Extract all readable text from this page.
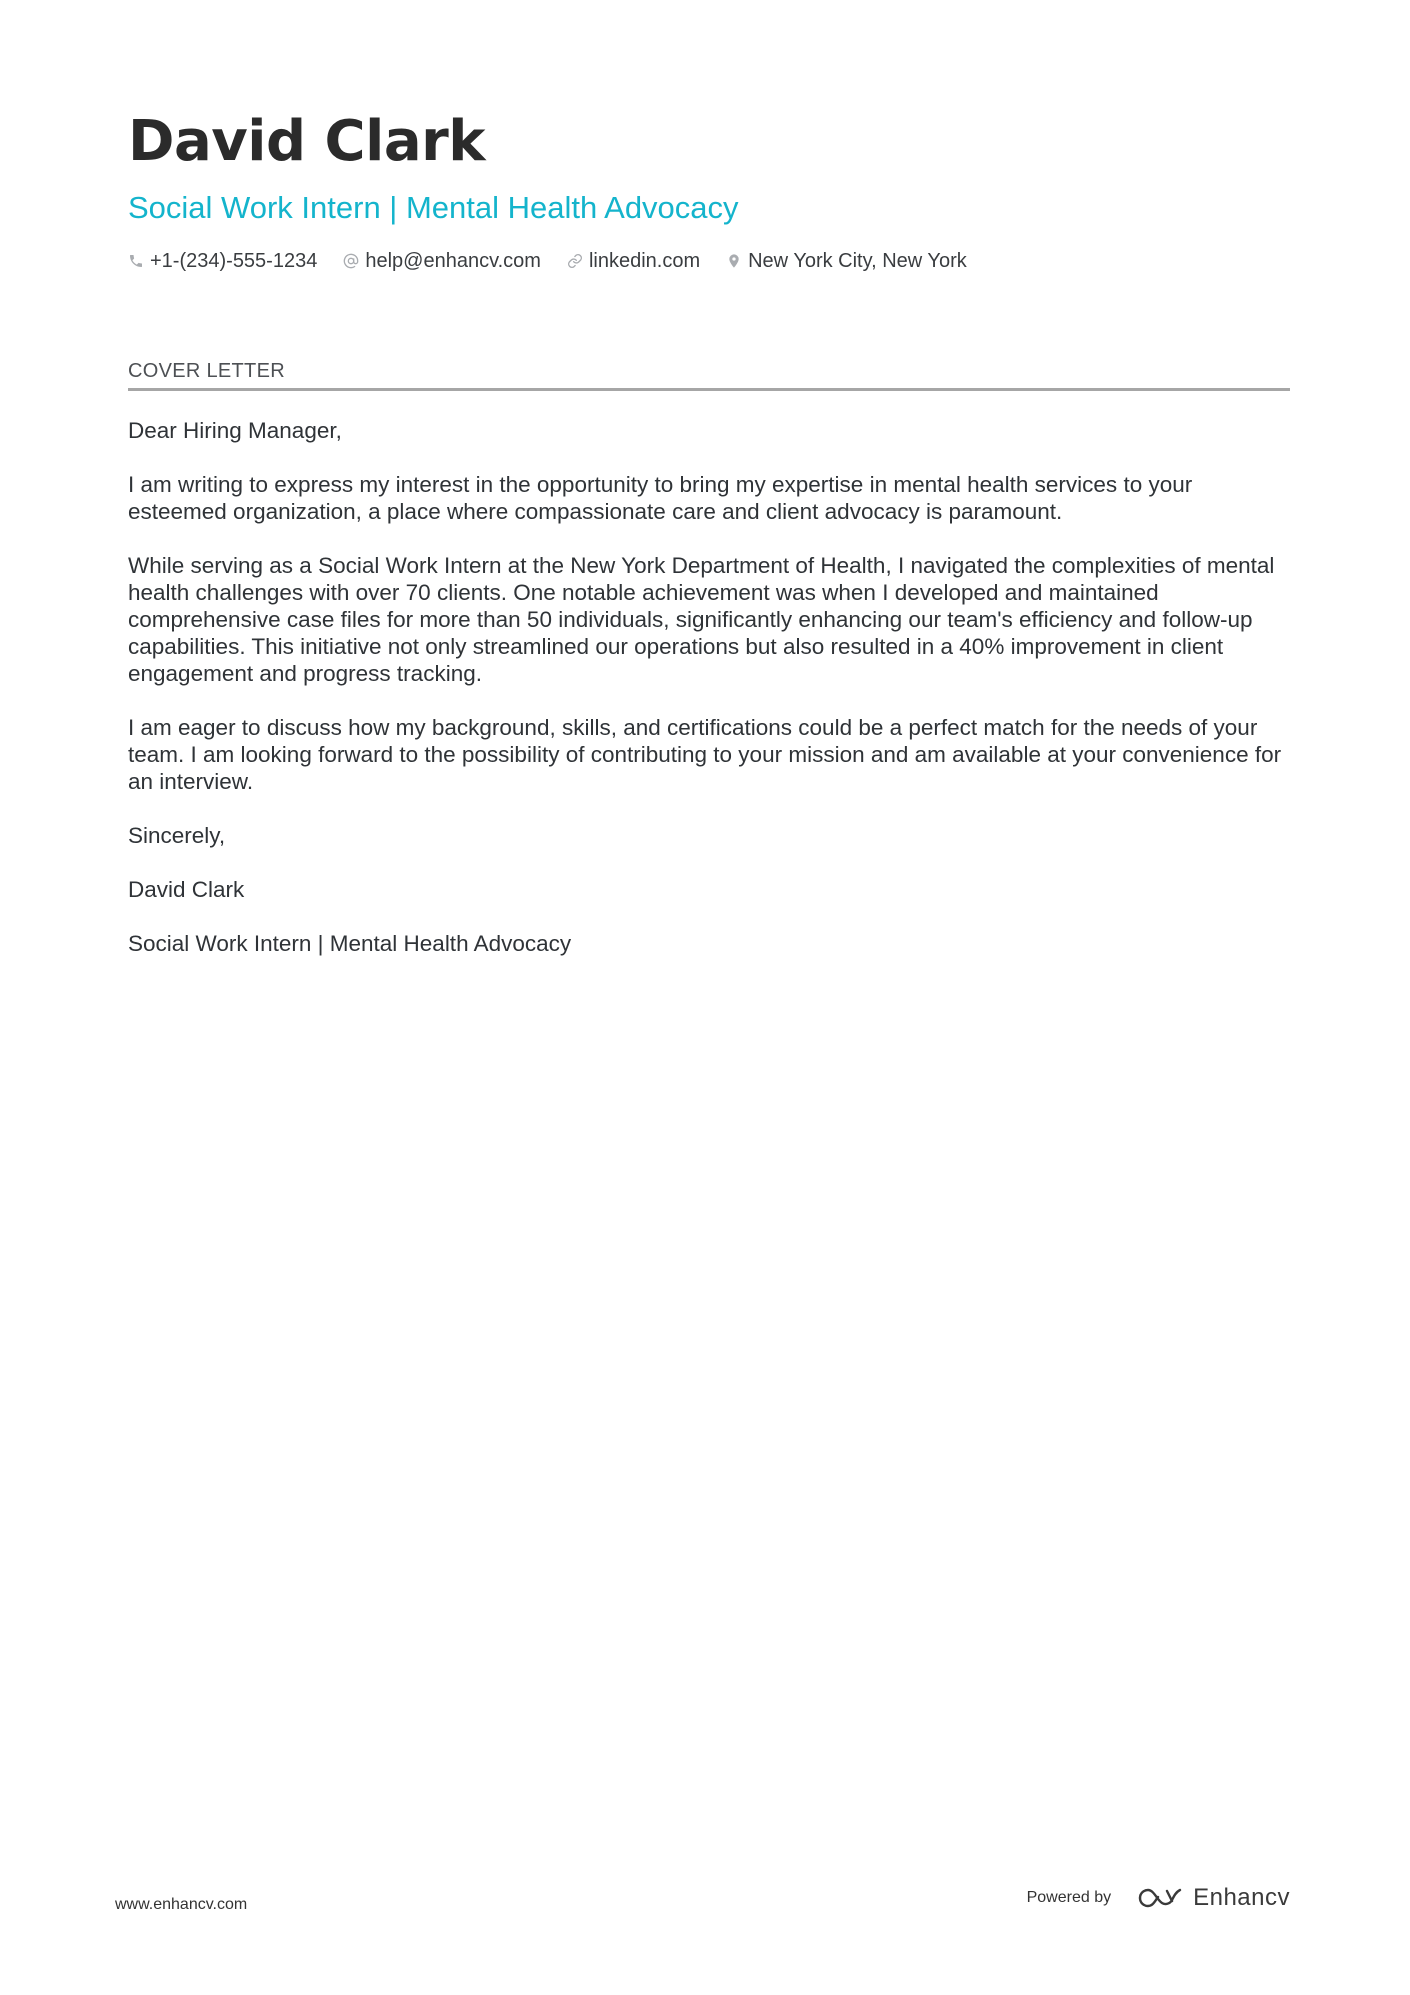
David Clark
Social Work Intern | Mental Health Advocacy
+1-(234)-555-1234 help@enhancv.com linkedin.com New York City, New York
COVER LETTER

Dear Hiring Manager,

I am writing to express my interest in the opportunity to bring my expertise in mental health services to your esteemed organization, a place where compassionate care and client advocacy is paramount.

While serving as a Social Work Intern at the New York Department of Health, I navigated the complexities of mental health challenges with over 70 clients. One notable achievement was when I developed and maintained comprehensive case files for more than 50 individuals, significantly enhancing our team's efficiency and follow-up capabilities. This initiative not only streamlined our operations but also resulted in a 40% improvement in client engagement and progress tracking.

I am eager to discuss how my background, skills, and certifications could be a perfect match for the needs of your team. I am looking forward to the possibility of contributing to your mission and am available at your convenience for an interview.

Sincerely,

David Clark

Social Work Intern | Mental Health Advocacy

www.enhancv.com	Powered by	Enhancv
